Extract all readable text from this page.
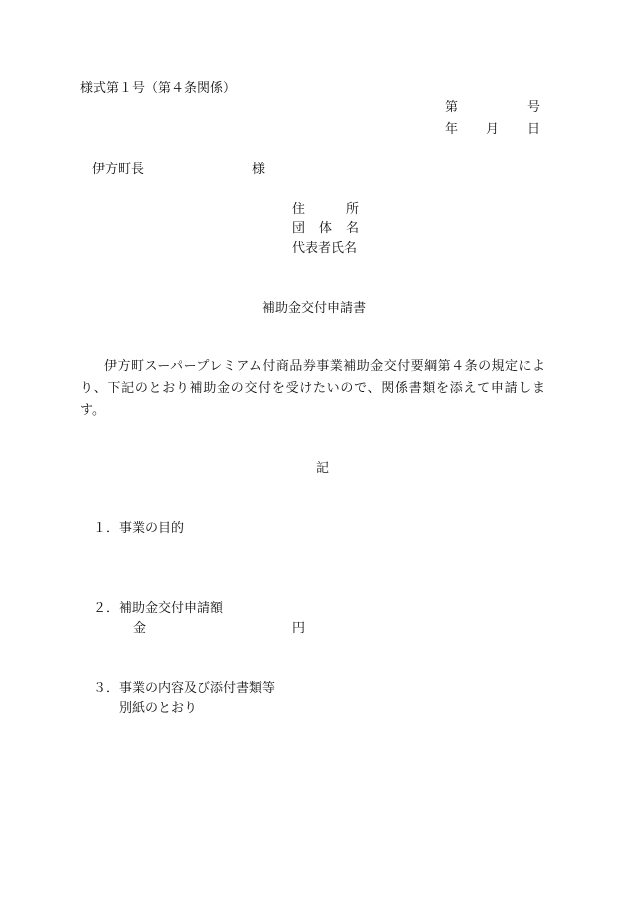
様式第１号（第４条関係）
第	号
年 月 日
伊方町長	様
住	所
団 体 名
代表者氏名
補助金交付申請書
伊方町スーパープレミアム付商品券事業補助金交付要綱第４条の規定により、下記のとおり補助金の交付を受けたいので、関係書類を添えて申請します。
記
１． 事業の目的
２． 補助金交付申請額
金	円
３． 事業の内容及び添付書類等
別紙のとおり
